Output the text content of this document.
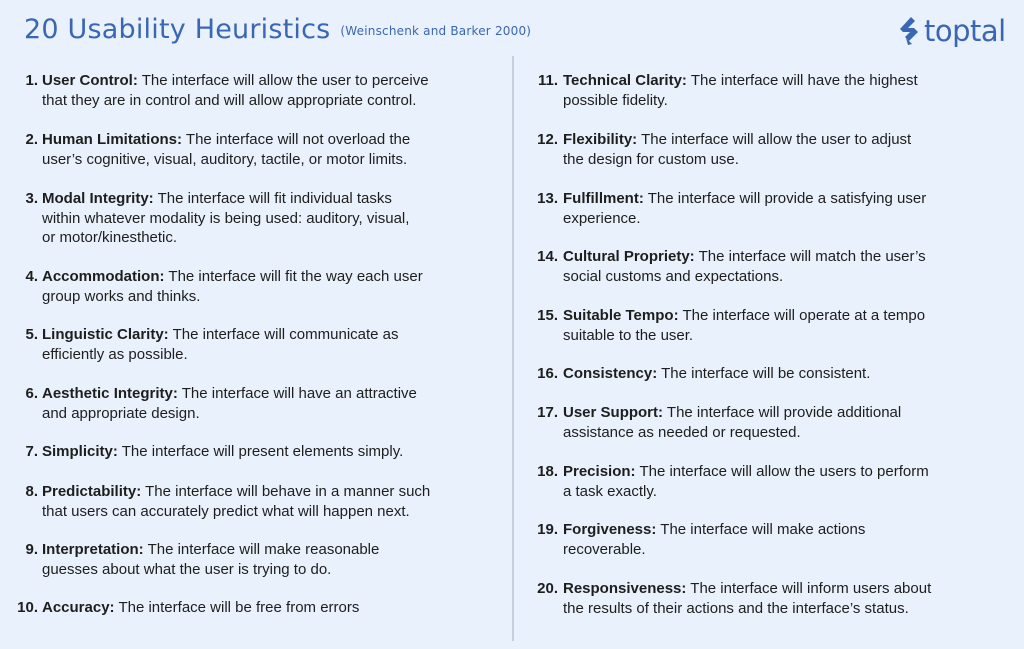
20 Usability Heuristics (Weinschenk and Barker 2000)	toptal
1. User Control: The interface will allow the user to perceive
that they are in control and will allow appropriate control.
2. Human Limitations: The interface will not overload the
user’s cognitive, visual, auditory, tactile, or motor limits.
3. Modal Integrity: The interface will fit individual tasks
within whatever modality is being used: auditory, visual,
or motor/kinesthetic.
4. Accommodation: The interface will fit the way each user
group works and thinks.
5. Linguistic Clarity: The interface will communicate as
efficiently as possible.
6. Aesthetic Integrity: The interface will have an attractive
and appropriate design.
7. Simplicity: The interface will present elements simply.
8. Predictability: The interface will behave in a manner such
that users can accurately predict what will happen next.
9. Interpretation: The interface will make reasonable
guesses about what the user is trying to do.
10. Accuracy: The interface will be free from errors
11. Technical Clarity: The interface will have the highest
possible fidelity.
12. Flexibility: The interface will allow the user to adjust
the design for custom use.
13. Fulfillment: The interface will provide a satisfying user
experience.
14. Cultural Propriety: The interface will match the user’s
social customs and expectations.
15. Suitable Tempo: The interface will operate at a tempo
suitable to the user.
16. Consistency: The interface will be consistent.
17. User Support: The interface will provide additional
assistance as needed or requested.
18. Precision: The interface will allow the users to perform
a task exactly.
19. Forgiveness: The interface will make actions
recoverable.
20. Responsiveness: The interface will inform users about
the results of their actions and the interface’s status.
